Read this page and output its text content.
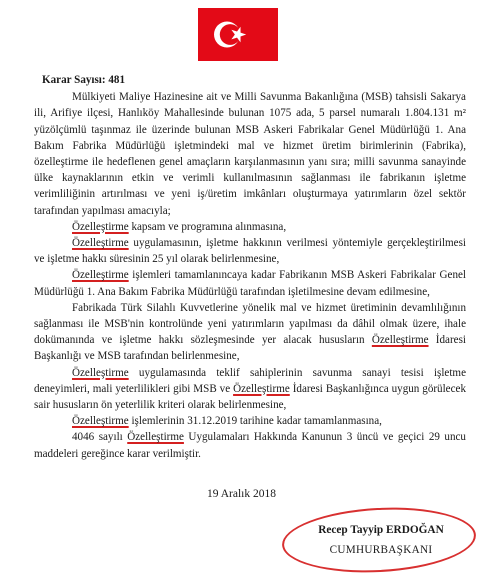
Karar Sayısı: 481

Mülkiyeti Maliye Hazinesine ait ve Milli Savunma Bakanlığına (MSB) tahsisli Sakarya ili, Arifiye ilçesi, Hanlıköy Mahallesinde bulunan 1075 ada, 5 parsel numaralı 1.804.131 m² yüzölçümlü taşınmaz ile üzerinde bulunan MSB Askeri Fabrikalar Genel Müdürlüğü 1. Ana Bakım Fabrika Müdürlüğü işletmindeki mal ve hizmet üretim birimlerinin (Fabrika), özelleştirme ile hedeflenen genel amaçların karşılanmasının yanı sıra; milli savunma sanayinde ülke kaynaklarının etkin ve verimli kullanılmasının sağlanması ile fabrikanın işletme verimliliğinin artırılması ve yeni iş/üretim imkânları oluşturmaya yatırımların özel sektör tarafından yapılması amacıyla;

Özelleştirme kapsam ve programına alınmasına,

Özelleştirme uygulamasının, işletme hakkının verilmesi yöntemiyle gerçekleştirilmesi ve işletme hakkı süresinin 25 yıl olarak belirlenmesine,

Özelleştirme işlemleri tamamlanıncaya kadar Fabrikanın MSB Askeri Fabrikalar Genel Müdürlüğü 1. Ana Bakım Fabrika Müdürlüğü tarafından işletilmesine devam edilmesine,

Fabrikada Türk Silahlı Kuvvetlerine yönelik mal ve hizmet üretiminin devamlılığının sağlanması ile MSB'nin kontrolünde yeni yatırımların yapılması da dâhil olmak üzere, ihale dokümanında ve işletme hakkı sözleşmesinde yer alacak hususların Özelleştirme İdaresi Başkanlığı ve MSB tarafından belirlenmesine,

Özelleştirme uygulamasında teklif sahiplerinin savunma sanayi tesisi işletme deneyimleri, mali yeterlilikleri gibi MSB ve Özelleştirme İdaresi Başkanlığınca uygun görülecek sair hususların ön yeterlilik kriteri olarak belirlenmesine,

Özelleştirme işlemlerinin 31.12.2019 tarihine kadar tamamlanmasına,

4046 sayılı Özelleştirme Uygulamaları Hakkında Kanunun 3 üncü ve geçici 29 uncu maddeleri gereğince karar verilmiştir.

19 Aralık 2018
Recep Tayyip ERDOĞAN
CUMHURBAŞKANI
